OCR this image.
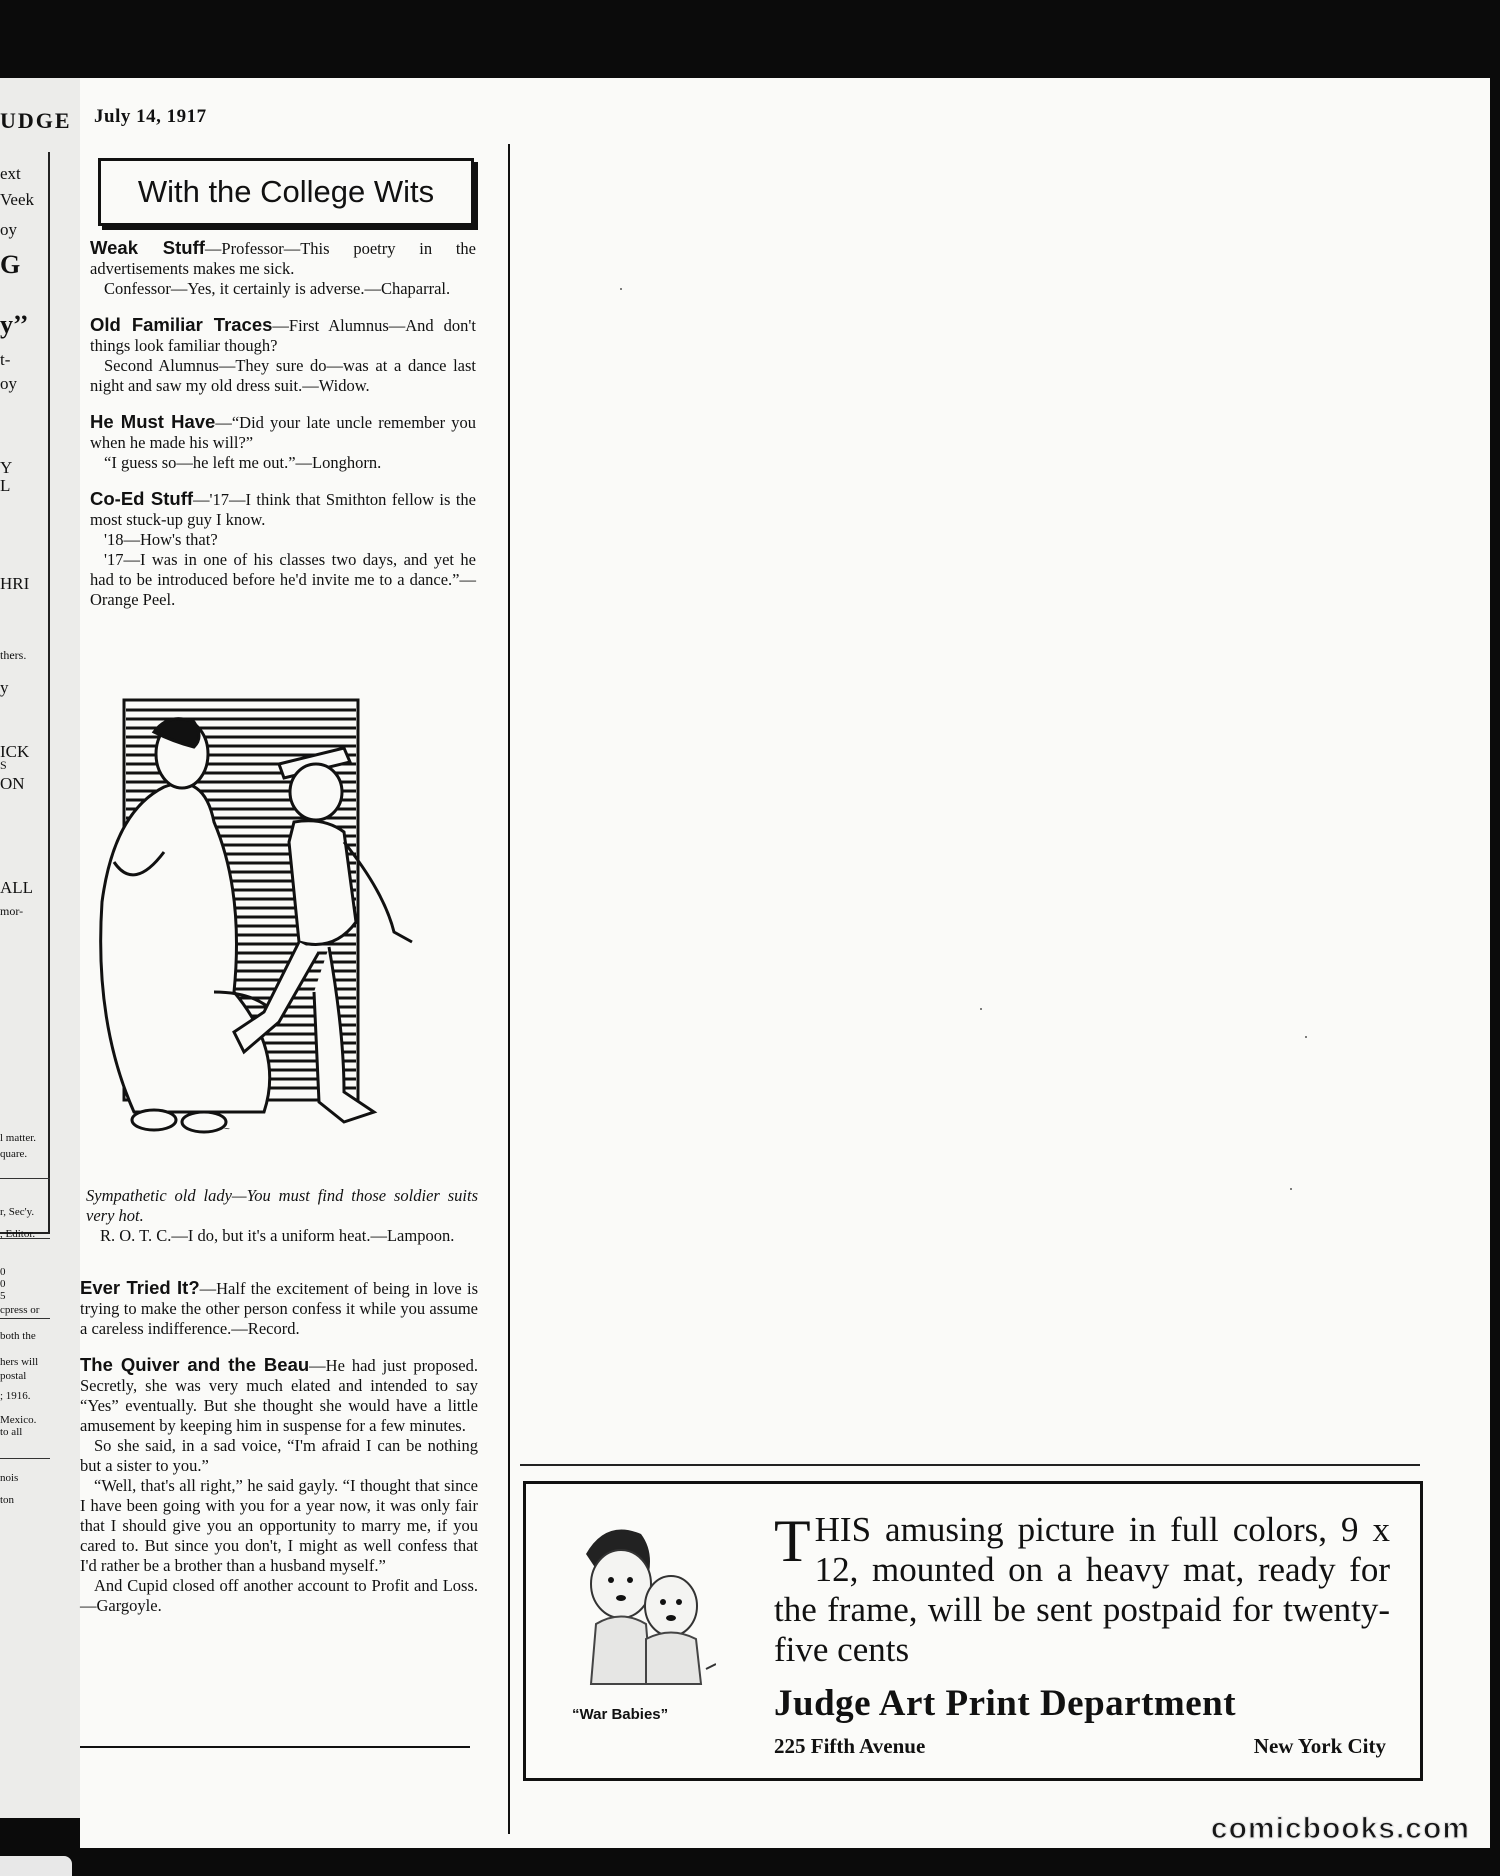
UDGE
ext
Veek
oy
G
y’’
t-
oy
Y
L
HRI
thers.
y
ICK
S
ON
ALL
mor-
l matter.
quare.
r, Sec'y.
, Editor.
0
0
5
cpress or
both the
hers will
postal
; 1916.
Mexico.
to all
nois
ton
July 14, 1917
With the College Wits

Weak Stuff—Professor—This poetry in the advertisements makes me sick.

Confessor—Yes, it certainly is adverse.—Chaparral.

Old Familiar Traces—First Alumnus—And don't things look familiar though?

Second Alumnus—They sure do—was at a dance last night and saw my old dress suit.—Widow.

He Must Have—“Did your late uncle remember you when he made his will?”

“I guess so—he left me out.”—Longhorn.

Co-Ed Stuff—'17—I think that Smithton fellow is the most stuck-up guy I know.

'18—How's that?

'17—I was in one of his classes two days, and yet he had to be introduced before he'd invite me to a dance.”—Orange Peel.

~

Sympathetic old lady—You must find those soldier suits very hot.

R. O. T. C.—I do, but it's a uniform heat.—Lampoon.

Ever Tried It?—Half the excitement of being in love is trying to make the other person confess it while you assume a careless indifference.—Record.

The Quiver and the Beau—He had just proposed. Secretly, she was very much elated and intended to say “Yes” eventually. But she thought she would have a little amusement by keeping him in suspense for a few minutes.

So she said, in a sad voice, “I'm afraid I can be nothing but a sister to you.”

“Well, that's all right,” he said gayly. “I thought that since I have been going with you for a year now, it was only fair that I should give you an opportunity to marry me, if you cared to. But since you don't, I might as well confess that I'd rather be a brother than a husband myself.”

And Cupid closed off another account to Profit and Loss.—Gargoyle.

“War Babies”
THIS amusing picture in full colors, 9 x 12, mounted on a heavy mat, ready for the frame, will be sent postpaid for twenty-five cents
Judge Art Print Department
225 Fifth Avenue	New York City
comicbooks.com
